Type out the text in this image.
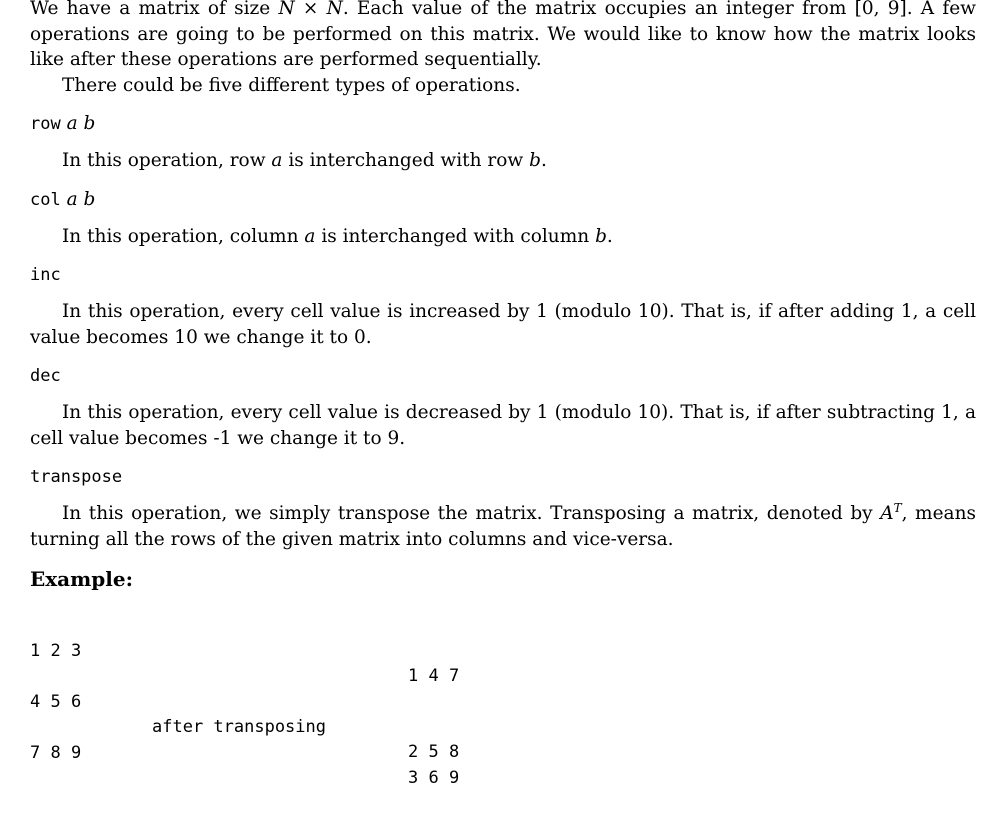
We have a matrix of size N × N. Each value of the matrix occupies an integer from [0, 9]. A few operations are going to be performed on this matrix. We would like to know how the matrix looks like after these operations are performed sequentially.

There could be five different types of operations.

row a b

In this operation, row a is interchanged with row b.

col a b

In this operation, column a is interchanged with column b.

inc

In this operation, every cell value is increased by 1 (modulo 10). That is, if after adding 1, a cell value becomes 10 we change it to 0.

dec

In this operation, every cell value is decreased by 1 (modulo 10). That is, if after subtracting 1, a cell value becomes -1 we change it to 9.

transpose

In this operation, we simply transpose the matrix. Transposing a matrix, denoted by $A^T$, means turning all the rows of the given matrix into columns and vice-versa.

Example:

1 2 3

1 4 7

4 5 6

after transposing

2 5 8

7 8 9

3 6 9
